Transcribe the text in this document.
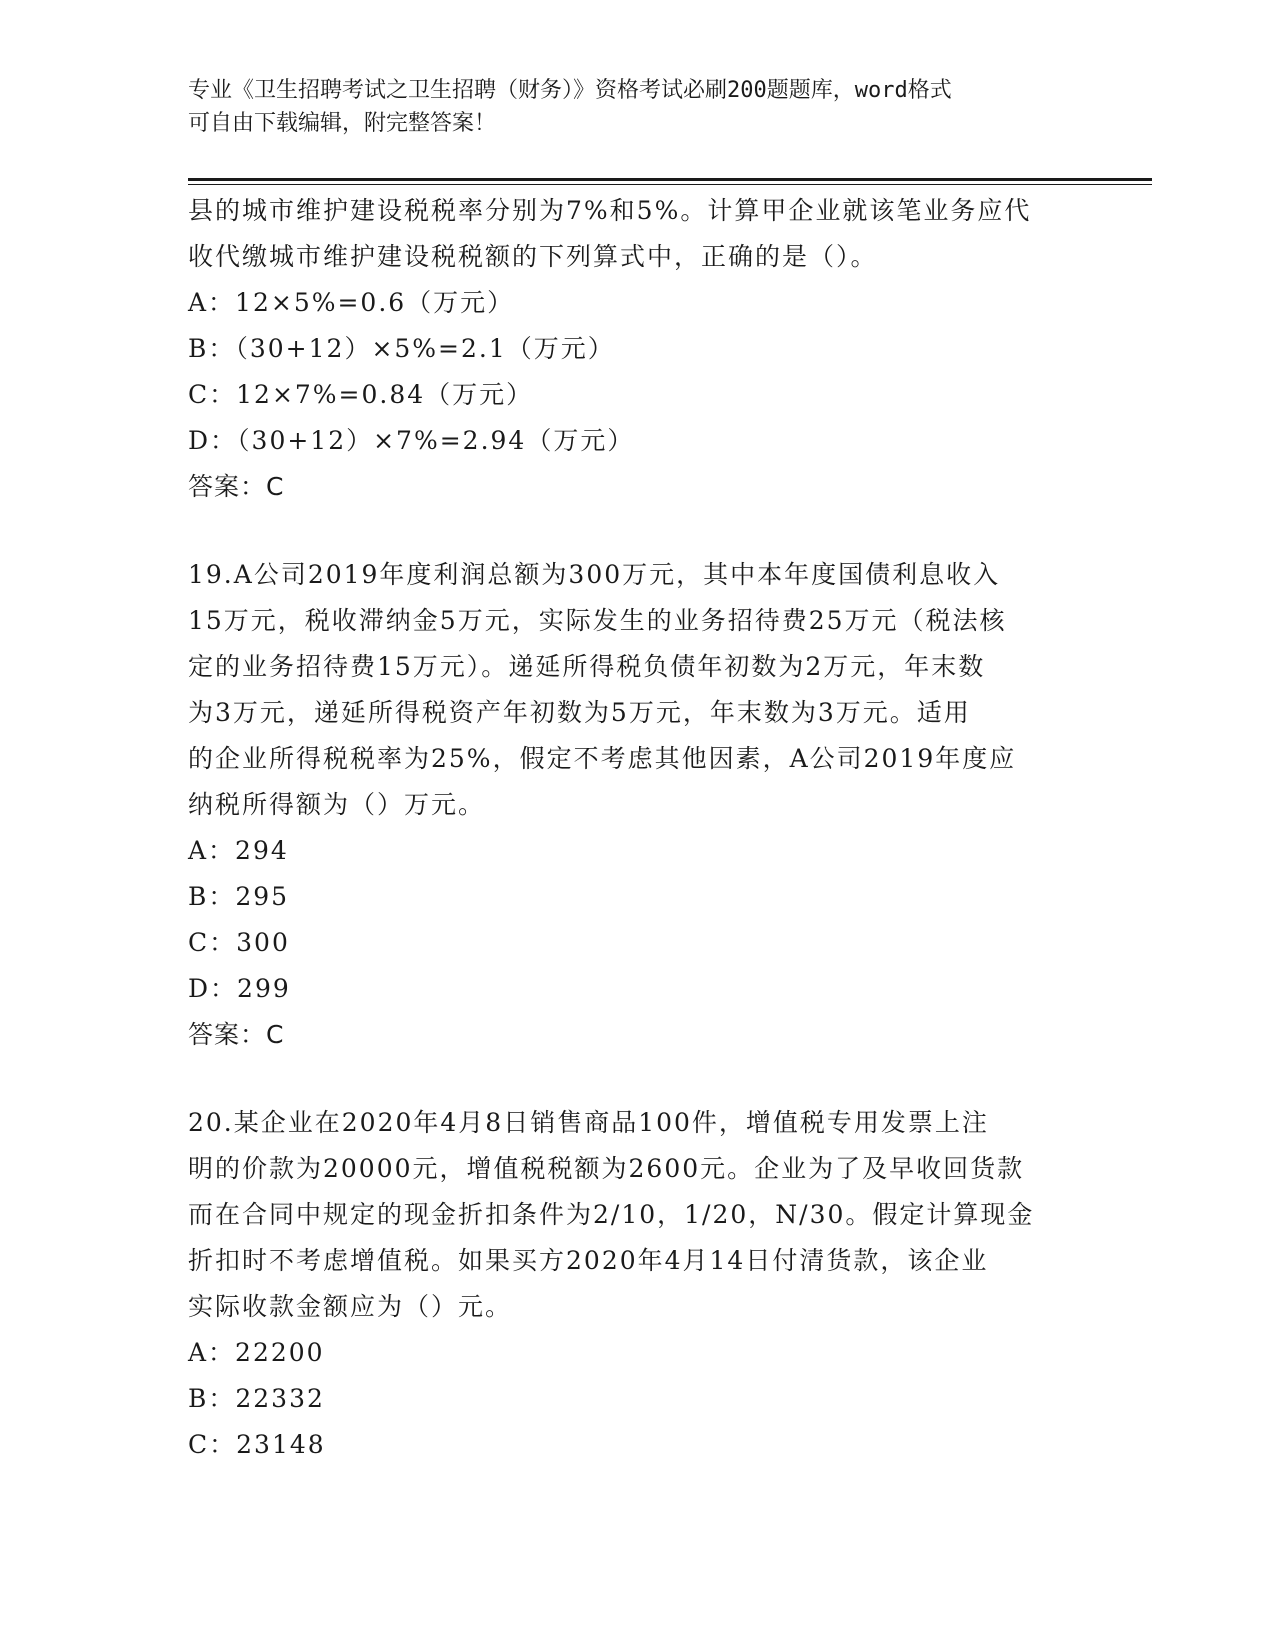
专业《卫生招聘考试之卫生招聘（财务）》资格考试必刷200题题库，word格式
可自由下载编辑，附完整答案！

县的城市维护建设税税率分别为7%和5%。计算甲企业就该笔业务应代

收代缴城市维护建设税税额的下列算式中，正确的是（）。

A：12×5%=0.6（万元）

B：（30+12）×5%=2.1（万元）

C：12×7%=0.84（万元）

D：（30+12）×7%=2.94（万元）

答案：C

19.A公司2019年度利润总额为300万元，其中本年度国债利息收入

15万元，税收滞纳金5万元，实际发生的业务招待费25万元（税法核

定的业务招待费15万元）。递延所得税负债年初数为2万元，年末数

为3万元，递延所得税资产年初数为5万元，年末数为3万元。适用

的企业所得税税率为25%，假定不考虑其他因素，A公司2019年度应

纳税所得额为（）万元。

A：294

B：295

C：300

D：299

答案：C

20.某企业在2020年4月8日销售商品100件，增值税专用发票上注

明的价款为20000元，增值税税额为2600元。企业为了及早收回货款

而在合同中规定的现金折扣条件为2/10，1/20，N/30。假定计算现金

折扣时不考虑增值税。如果买方2020年4月14日付清货款，该企业

实际收款金额应为（）元。

A：22200

B：22332

C：23148
